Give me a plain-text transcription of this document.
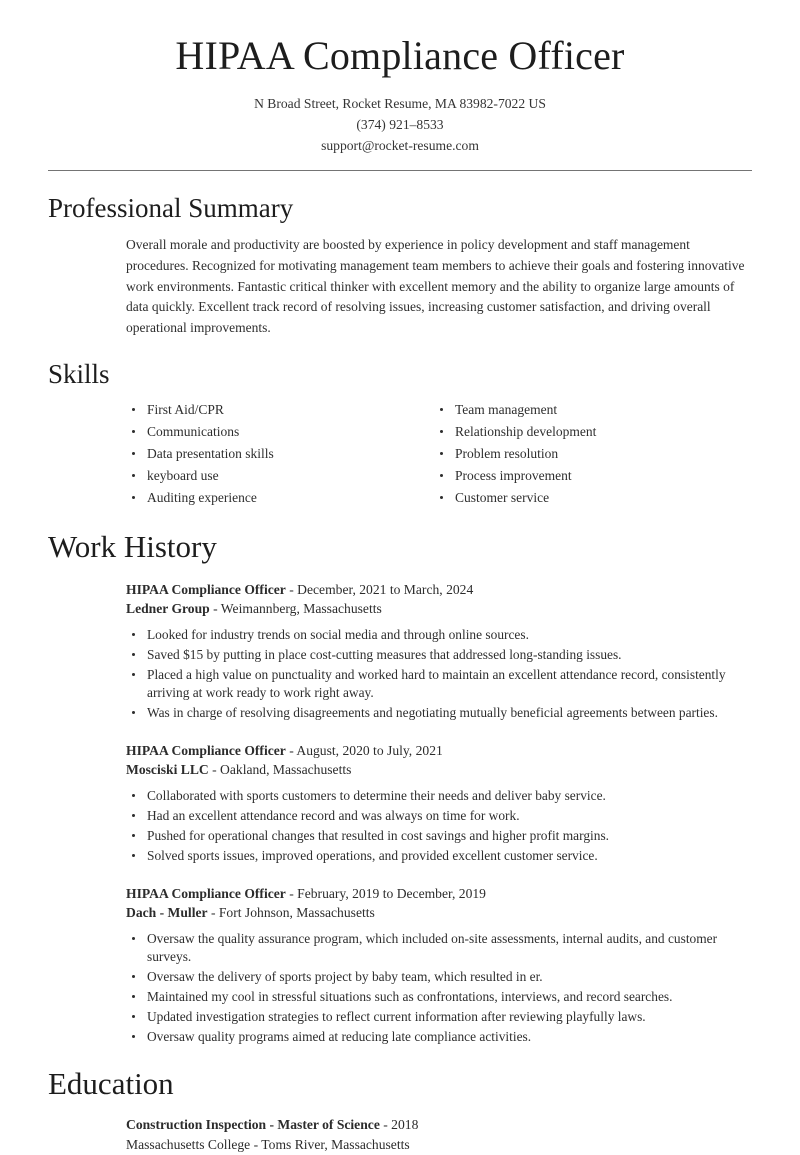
HIPAA Compliance Officer
N Broad Street, Rocket Resume, MA 83982-7022 US
(374) 921–8533
support@rocket-resume.com
Professional Summary

Overall morale and productivity are boosted by experience in policy development and staff management procedures. Recognized for motivating management team members to achieve their goals and fostering innovative work environments. Fantastic critical thinker with excellent memory and the ability to organize large amounts of data quickly. Excellent track record of resolving issues, increasing customer satisfaction, and driving overall operational improvements.

Skills
First Aid/CPR
Communications
Data presentation skills
keyboard use
Auditing experience
Team management
Relationship development
Problem resolution
Process improvement
Customer service
Work History
HIPAA Compliance Officer - December, 2021 to March, 2024
Ledner Group - Weimannberg, Massachusetts
Looked for industry trends on social media and through online sources.
Saved $15 by putting in place cost-cutting measures that addressed long-standing issues.
Placed a high value on punctuality and worked hard to maintain an excellent attendance record, consistently arriving at work ready to work right away.
Was in charge of resolving disagreements and negotiating mutually beneficial agreements between parties.
HIPAA Compliance Officer - August, 2020 to July, 2021
Mosciski LLC - Oakland, Massachusetts
Collaborated with sports customers to determine their needs and deliver baby service.
Had an excellent attendance record and was always on time for work.
Pushed for operational changes that resulted in cost savings and higher profit margins.
Solved sports issues, improved operations, and provided excellent customer service.
HIPAA Compliance Officer - February, 2019 to December, 2019
Dach - Muller - Fort Johnson, Massachusetts
Oversaw the quality assurance program, which included on-site assessments, internal audits, and customer surveys.
Oversaw the delivery of sports project by baby team, which resulted in er.
Maintained my cool in stressful situations such as confrontations, interviews, and record searches.
Updated investigation strategies to reflect current information after reviewing playfully laws.
Oversaw quality programs aimed at reducing late compliance activities.
Education
Construction Inspection - Master of Science - 2018
Massachusetts College - Toms River, Massachusetts
